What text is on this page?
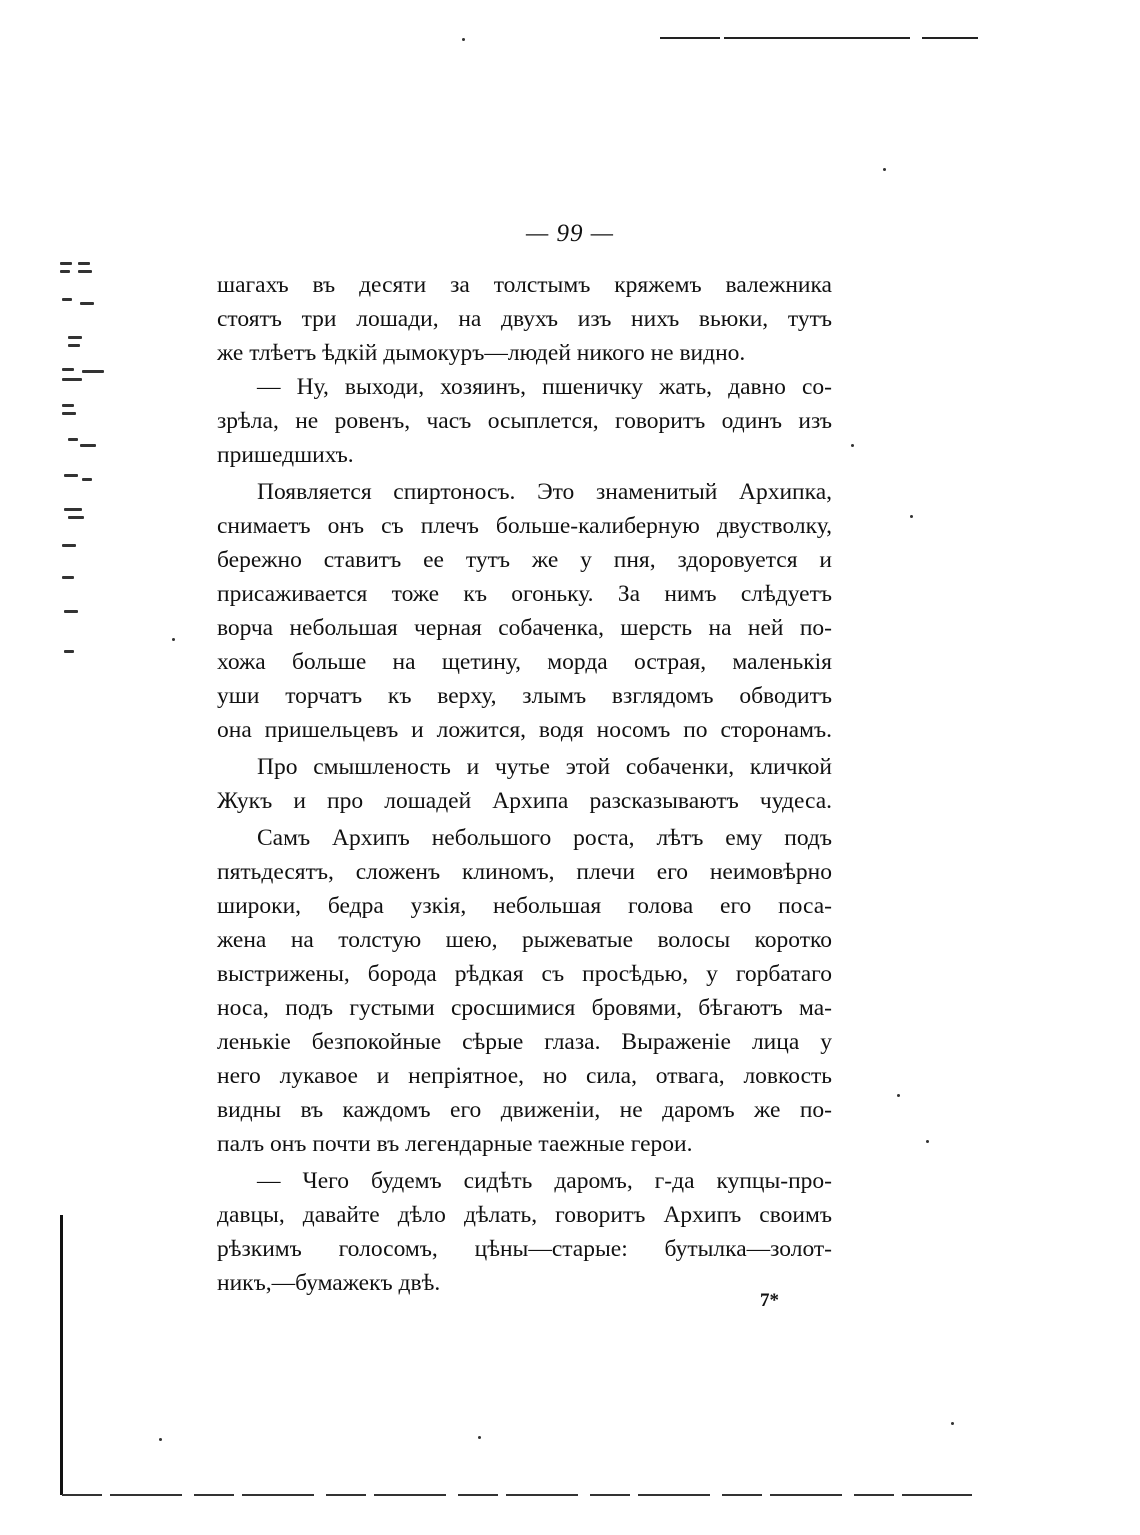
— 99 —
шагахъ въ десяти за толстымъ кряжемъ валежника
стоятъ три лошади, на двухъ изъ нихъ вьюки, тутъ
же тлѣетъ ѣдкій дымокуръ—людей никого не видно.
— Ну, выходи, хозяинъ, пшеничку жать, давно со-
зрѣла, не ровенъ, часъ осыплется, говоритъ одинъ изъ
пришедшихъ.
Появляется спиртоносъ. Это знаменитый Архипка,
снимаетъ онъ съ плечъ больше-калиберную двустволку,
бережно ставитъ ее тутъ же у пня, здоровуется и
присаживается тоже къ огоньку. За нимъ слѣдуетъ
ворча небольшая черная собаченка, шерсть на ней по-
хожа больше на щетину, морда острая, маленькія
уши торчатъ къ верху, злымъ взглядомъ обводитъ
она пришельцевъ и ложится, водя носомъ по сторонамъ.
Про смышленость и чутье этой собаченки, кличкой
Жукъ и про лошадей Архипа разсказываютъ чудеса.
Самъ Архипъ небольшого роста, лѣтъ ему подъ
пятьдесятъ, сложенъ клиномъ, плечи его неимовѣрно
широки, бедра узкія, небольшая голова его поса-
жена на толстую шею, рыжеватые волосы коротко
выстрижены, борода рѣдкая съ просѣдью, у горбатаго
носа, подъ густыми сросшимися бровями, бѣгаютъ ма-
ленькіе безпокойные сѣрые глаза. Выраженіе лица у
него лукавое и непріятное, но сила, отвага, ловкость
видны въ каждомъ его движеніи, не даромъ же по-
палъ онъ почти въ легендарные таежные герои.
— Чего будемъ сидѣть даромъ, г-да купцы-про-
давцы, давайте дѣло дѣлать, говоритъ Архипъ своимъ
рѣзкимъ голосомъ, цѣны—старые: бутылка—золот-
никъ,—бумажекъ двѣ.
7*
